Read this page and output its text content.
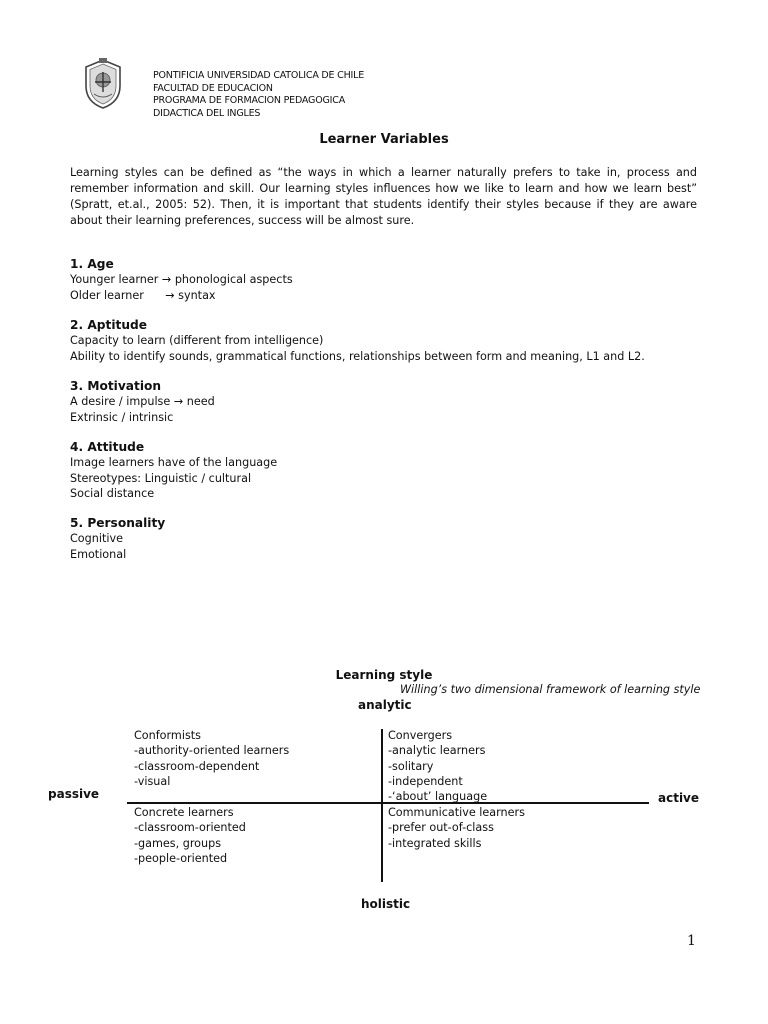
PONTIFICIA UNIVERSIDAD CATOLICA DE CHILE
FACULTAD DE EDUCACION
PROGRAMA DE FORMACION PEDAGOGICA
DIDACTICA DEL INGLES
Learner Variables
Learning styles can be defined as “the ways in which a learner naturally prefers to take in, process and remember information and skill. Our learning styles influences how we like to learn and how we learn best” (Spratt, et.al., 2005: 52). Then, it is important that students identify their styles because if they are aware about their learning preferences, success will be almost sure.
1. Age
Younger learner → phonological aspects
Older learner      → syntax
2. Aptitude
Capacity to learn (different from intelligence)
Ability to identify sounds, grammatical functions, relationships between form and meaning, L1 and L2.
3. Motivation
A desire / impulse → need
Extrinsic / intrinsic
4. Attitude
Image learners have of the language
Stereotypes: Linguistic / cultural
Social distance
5. Personality
Cognitive
Emotional
Learning style
Willing’s two dimensional framework of learning style
analytic
holistic
passive	active
Conformists
-authority-oriented learners
-classroom-dependent
-visual
Convergers
-analytic learners
-solitary
-independent
-‘about’ language
Concrete learners
-classroom-oriented
-games, groups
-people-oriented
Communicative learners
-prefer out-of-class
-integrated skills
1
